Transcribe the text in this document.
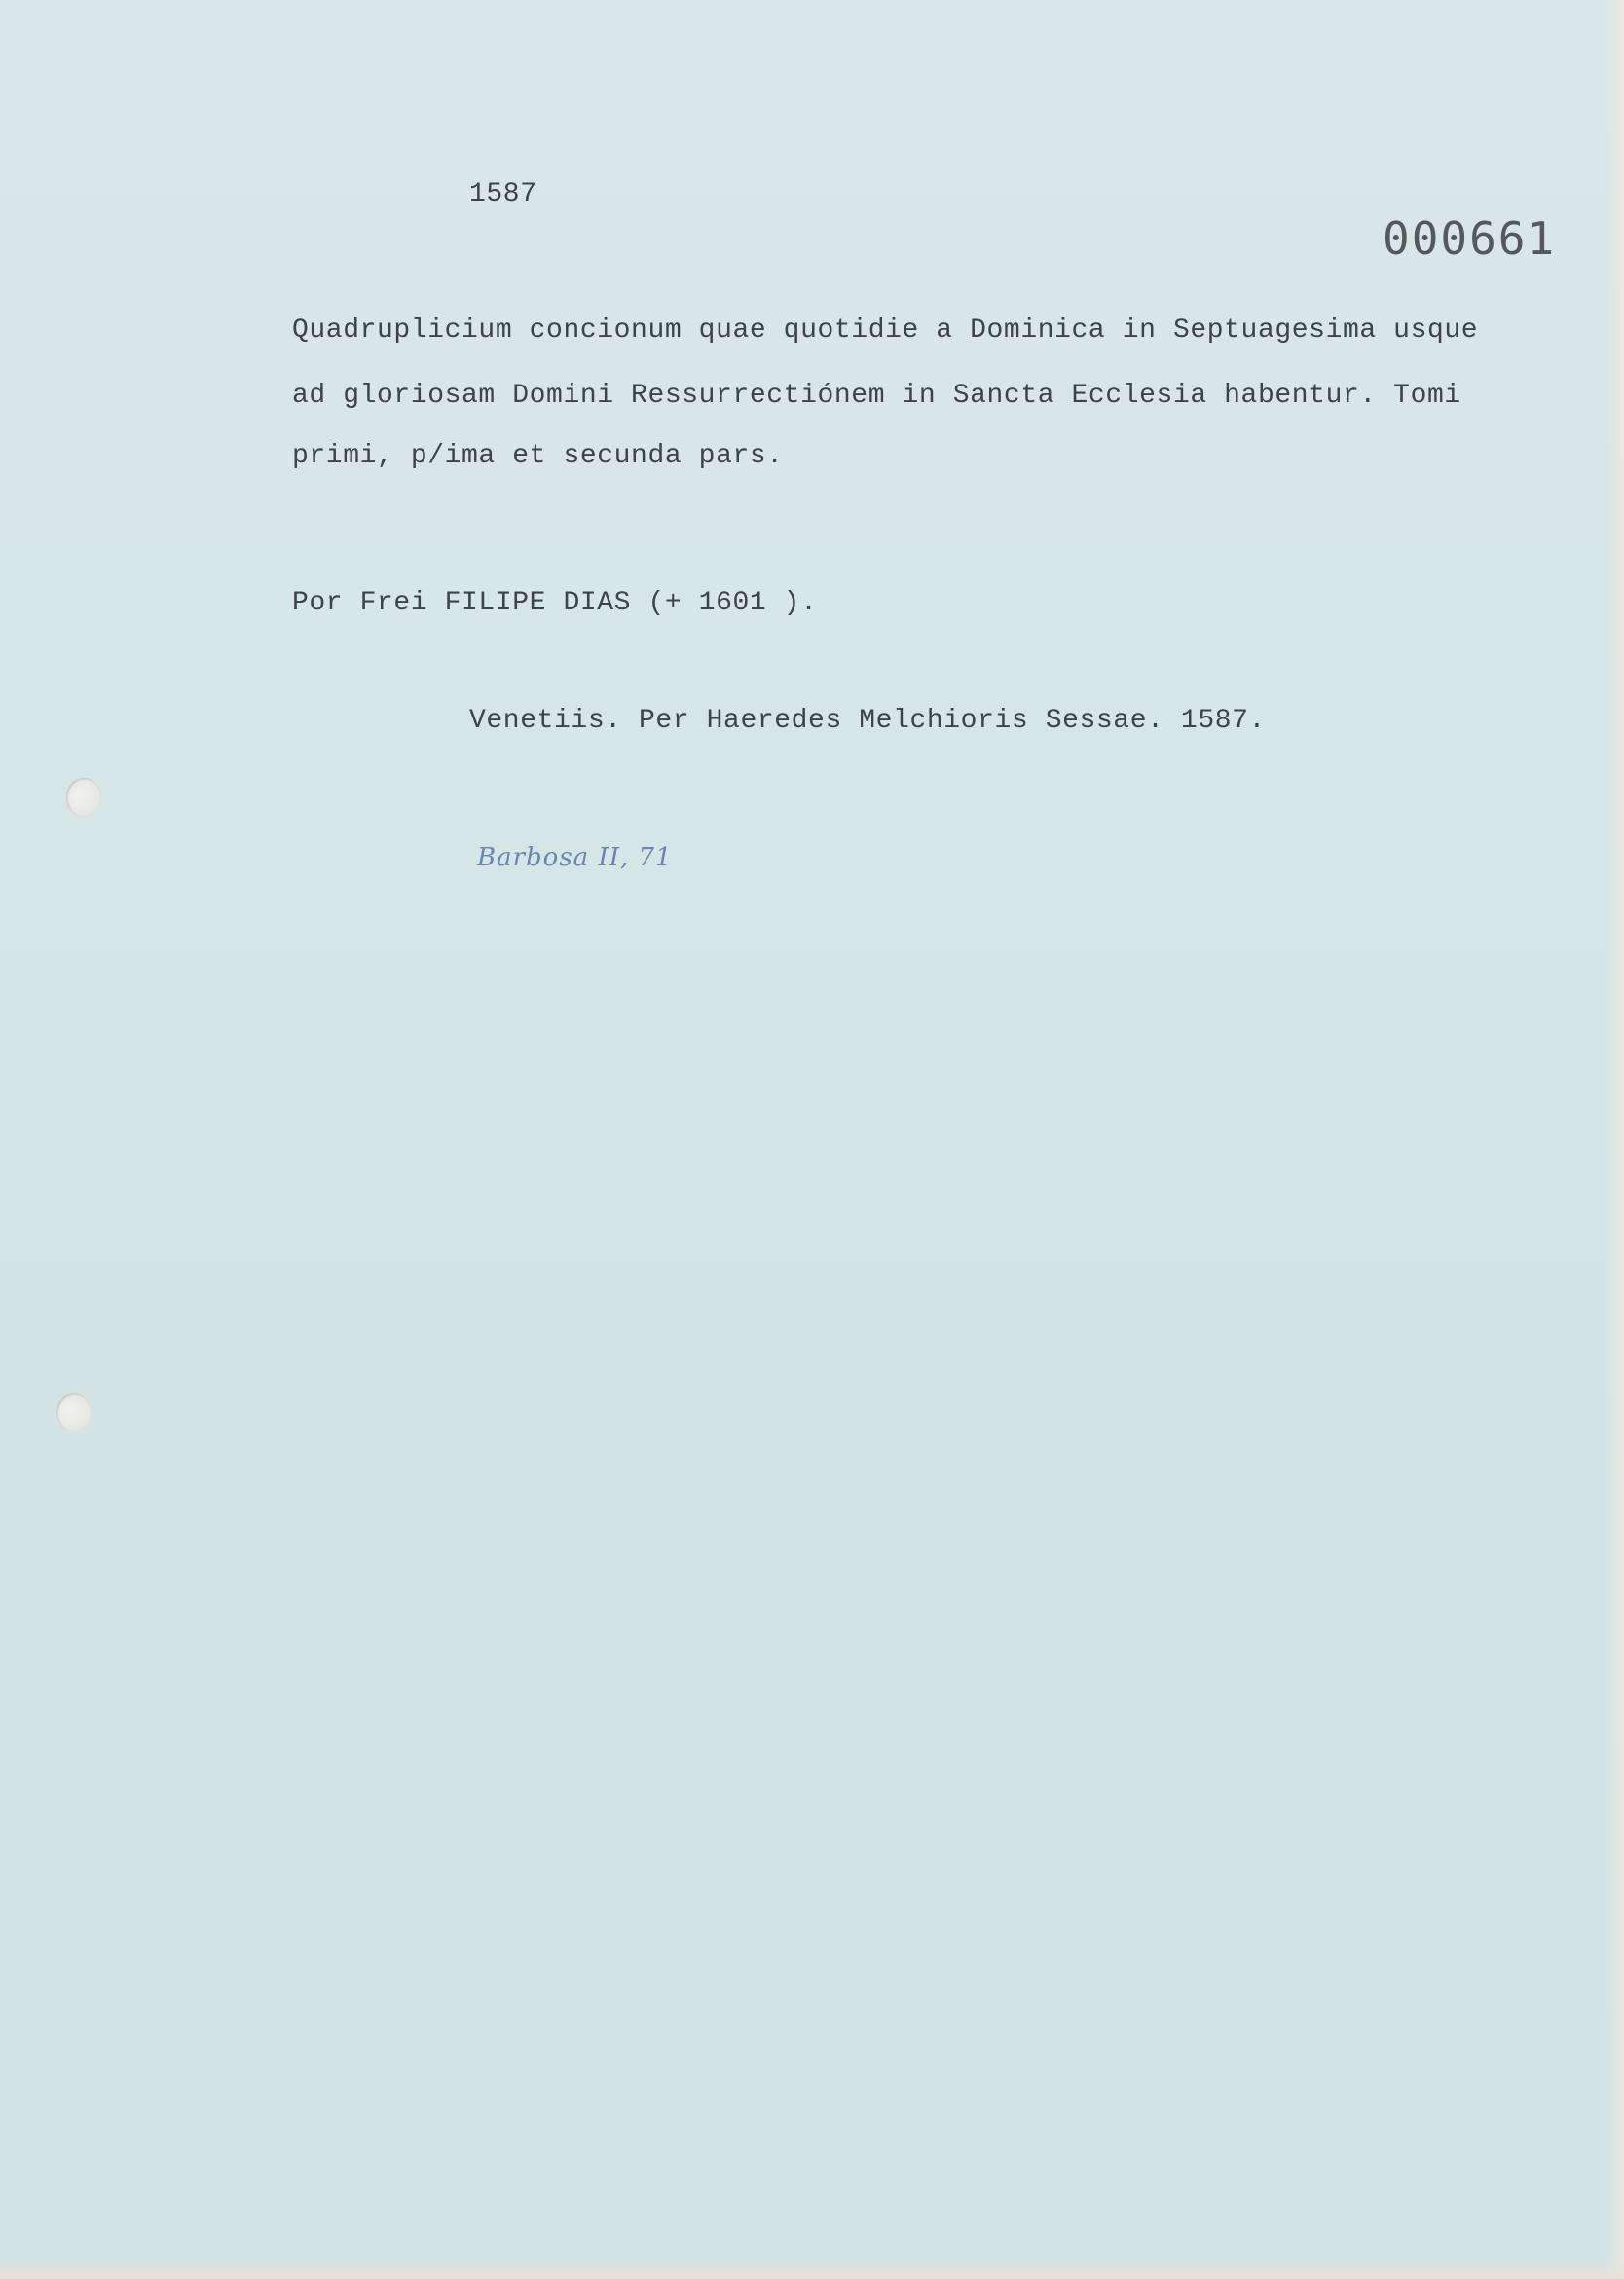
1587
000661
Quadruplicium concionum quae quotidie a Dominica in Septuagesima usque
ad gloriosam Domini Ressurrectiónem in Sancta Ecclesia habentur. Tomi
primi, p/ima et secunda pars.
Por Frei FILIPE DIAS (+ 1601 ).
Venetiis. Per Haeredes Melchioris Sessae. 1587.
Barbosa II, 71
